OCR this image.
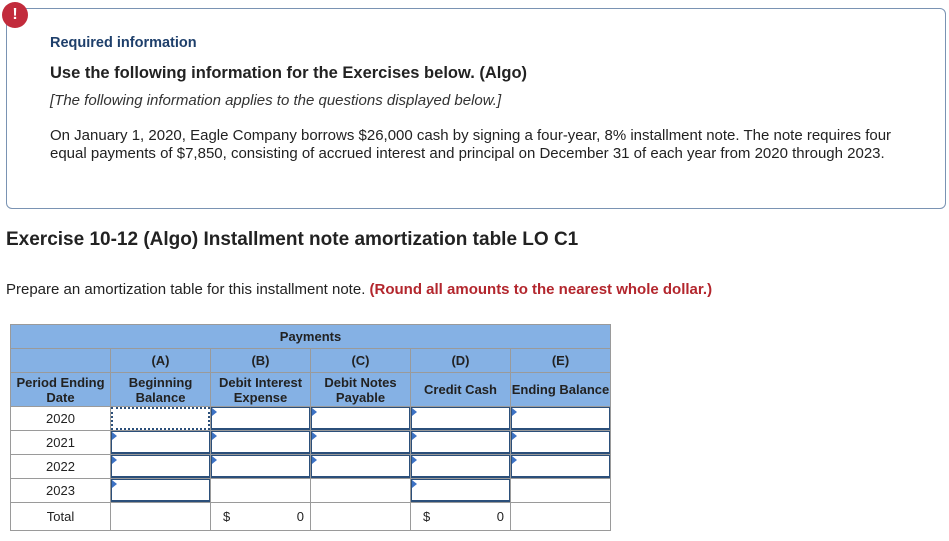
Required information

Use the following information for the Exercises below. (Algo)

[The following information applies to the questions displayed below.]

On January 1, 2020, Eagle Company borrows $26,000 cash by signing a four-year, 8% installment note. The note requires four equal payments of $7,850, consisting of accrued interest and principal on December 31 of each year from 2020 through 2023.

!
Exercise 10-12 (Algo) Installment note amortization table LO C1

Prepare an amortization table for this installment note. (Round all amounts to the nearest whole dollar.)

Payments					
	(A)	(B)	(C)	(D)	(E)
Period Ending Date	Beginning Balance	Debit Interest Expense	Debit Notes Payable	Credit Cash	Ending Balance
2020	

2021	

2022	

2023	

Total		$ 0		$ 0	
